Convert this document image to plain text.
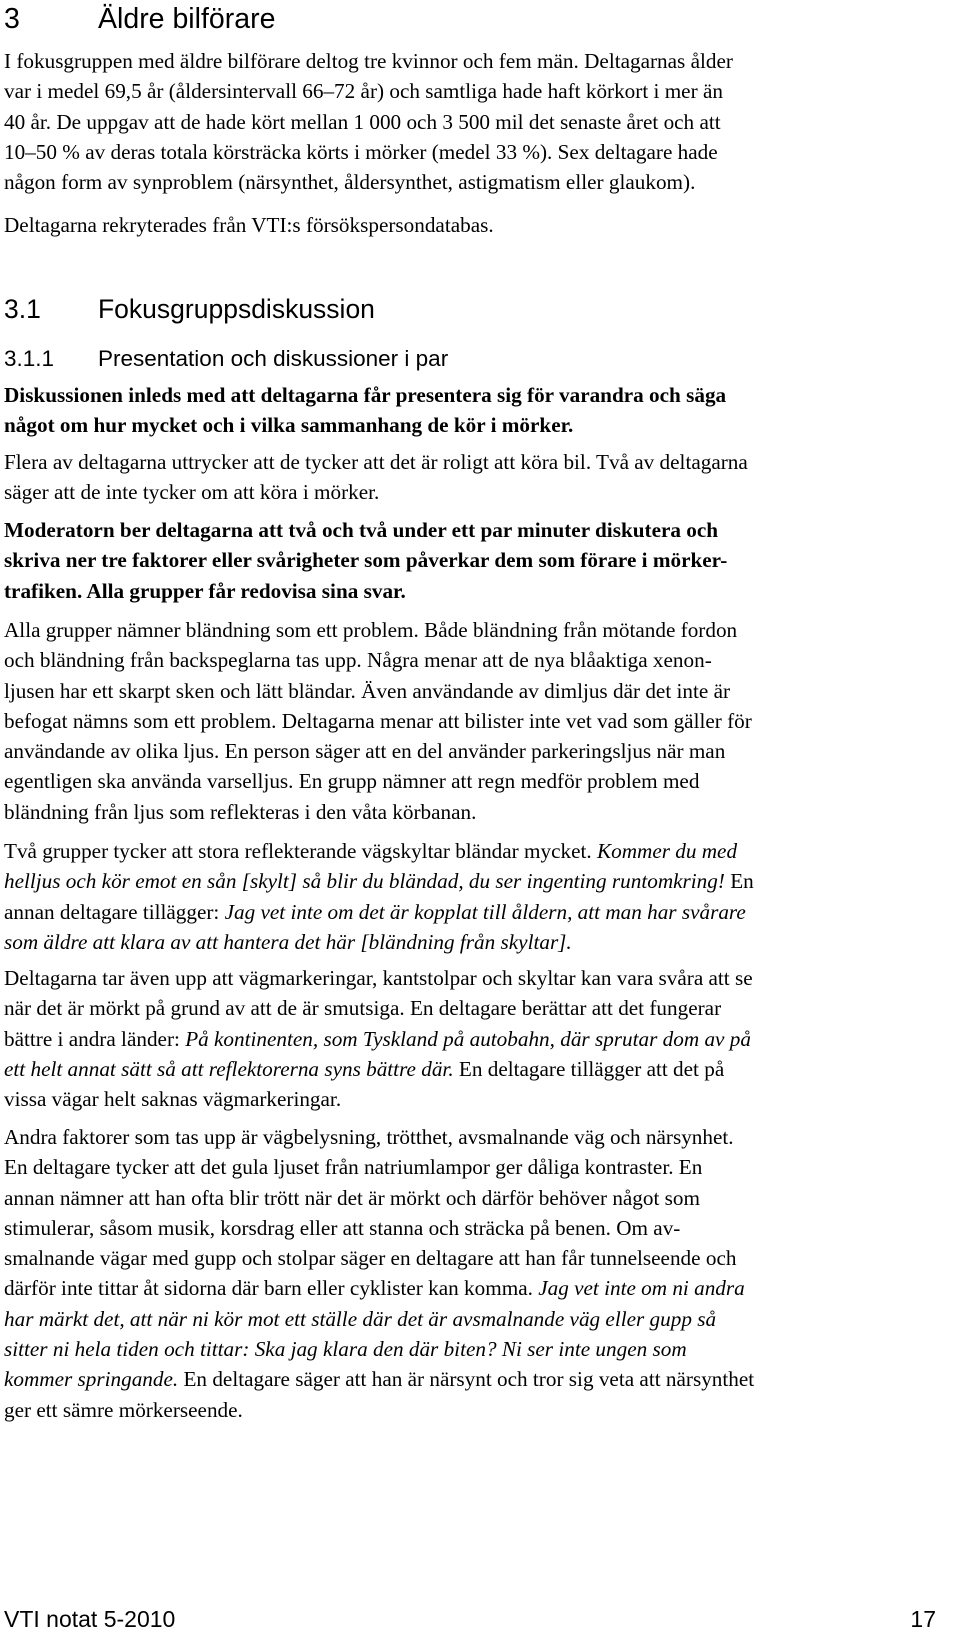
3	Äldre bilförare

I fokusgruppen med äldre bilförare deltog tre kvinnor och fem män. Deltagarnas ålder
var i medel 69,5 år (åldersintervall 66–72 år) och samtliga hade haft körkort i mer än
40 år. De uppgav att de hade kört mellan 1 000 och 3 500 mil det senaste året och att
10–50 % av deras totala körsträcka körts i mörker (medel 33 %). Sex deltagare hade
någon form av synproblem (närsynthet, åldersynthet, astigmatism eller glaukom).

Deltagarna rekryterades från VTI:s försökspersondatabas.

3.1 Fokusgruppsdiskussion
3.1.1 Presentation och diskussioner i par

Diskussionen inleds med att deltagarna får presentera sig för varandra och säga
något om hur mycket och i vilka sammanhang de kör i mörker.

Flera av deltagarna uttrycker att de tycker att det är roligt att köra bil. Två av deltagarna
säger att de inte tycker om att köra i mörker.

Moderatorn ber deltagarna att två och två under ett par minuter diskutera och
skriva ner tre faktorer eller svårigheter som påverkar dem som förare i mörker-
trafiken. Alla grupper får redovisa sina svar.

Alla grupper nämner bländning som ett problem. Både bländning från mötande fordon
och bländning från backspeglarna tas upp. Några menar att de nya blåaktiga xenon-
ljusen har ett skarpt sken och lätt bländar. Även användande av dimljus där det inte är
befogat nämns som ett problem. Deltagarna menar att bilister inte vet vad som gäller för
användande av olika ljus. En person säger att en del använder parkeringsljus när man
egentligen ska använda varselljus. En grupp nämner att regn medför problem med
bländning från ljus som reflekteras i den våta körbanan.

Två grupper tycker att stora reflekterande vägskyltar bländar mycket. Kommer du med
helljus och kör emot en sån [skylt] så blir du bländad, du ser ingenting runtomkring! En
annan deltagare tillägger: Jag vet inte om det är kopplat till åldern, att man har svårare
som äldre att klara av att hantera det här [bländning från skyltar].

Deltagarna tar även upp att vägmarkeringar, kantstolpar och skyltar kan vara svåra att se
när det är mörkt på grund av att de är smutsiga. En deltagare berättar att det fungerar
bättre i andra länder: På kontinenten, som Tyskland på autobahn, där sprutar dom av på
ett helt annat sätt så att reflektorerna syns bättre där. En deltagare tillägger att det på
vissa vägar helt saknas vägmarkeringar.

Andra faktorer som tas upp är vägbelysning, trötthet, avsmalnande väg och närsynhet.
En deltagare tycker att det gula ljuset från natriumlampor ger dåliga kontraster. En
annan nämner att han ofta blir trött när det är mörkt och därför behöver något som
stimulerar, såsom musik, korsdrag eller att stanna och sträcka på benen. Om av-
smalnande vägar med gupp och stolpar säger en deltagare att han får tunnelseende och
därför inte tittar åt sidorna där barn eller cyklister kan komma. Jag vet inte om ni andra
har märkt det, att när ni kör mot ett ställe där det är avsmalnande väg eller gupp så
sitter ni hela tiden och tittar: Ska jag klara den där biten? Ni ser inte ungen som
kommer springande. En deltagare säger att han är närsynt och tror sig veta att närsynthet
ger ett sämre mörkerseende.

VTI notat 5-2010	17
